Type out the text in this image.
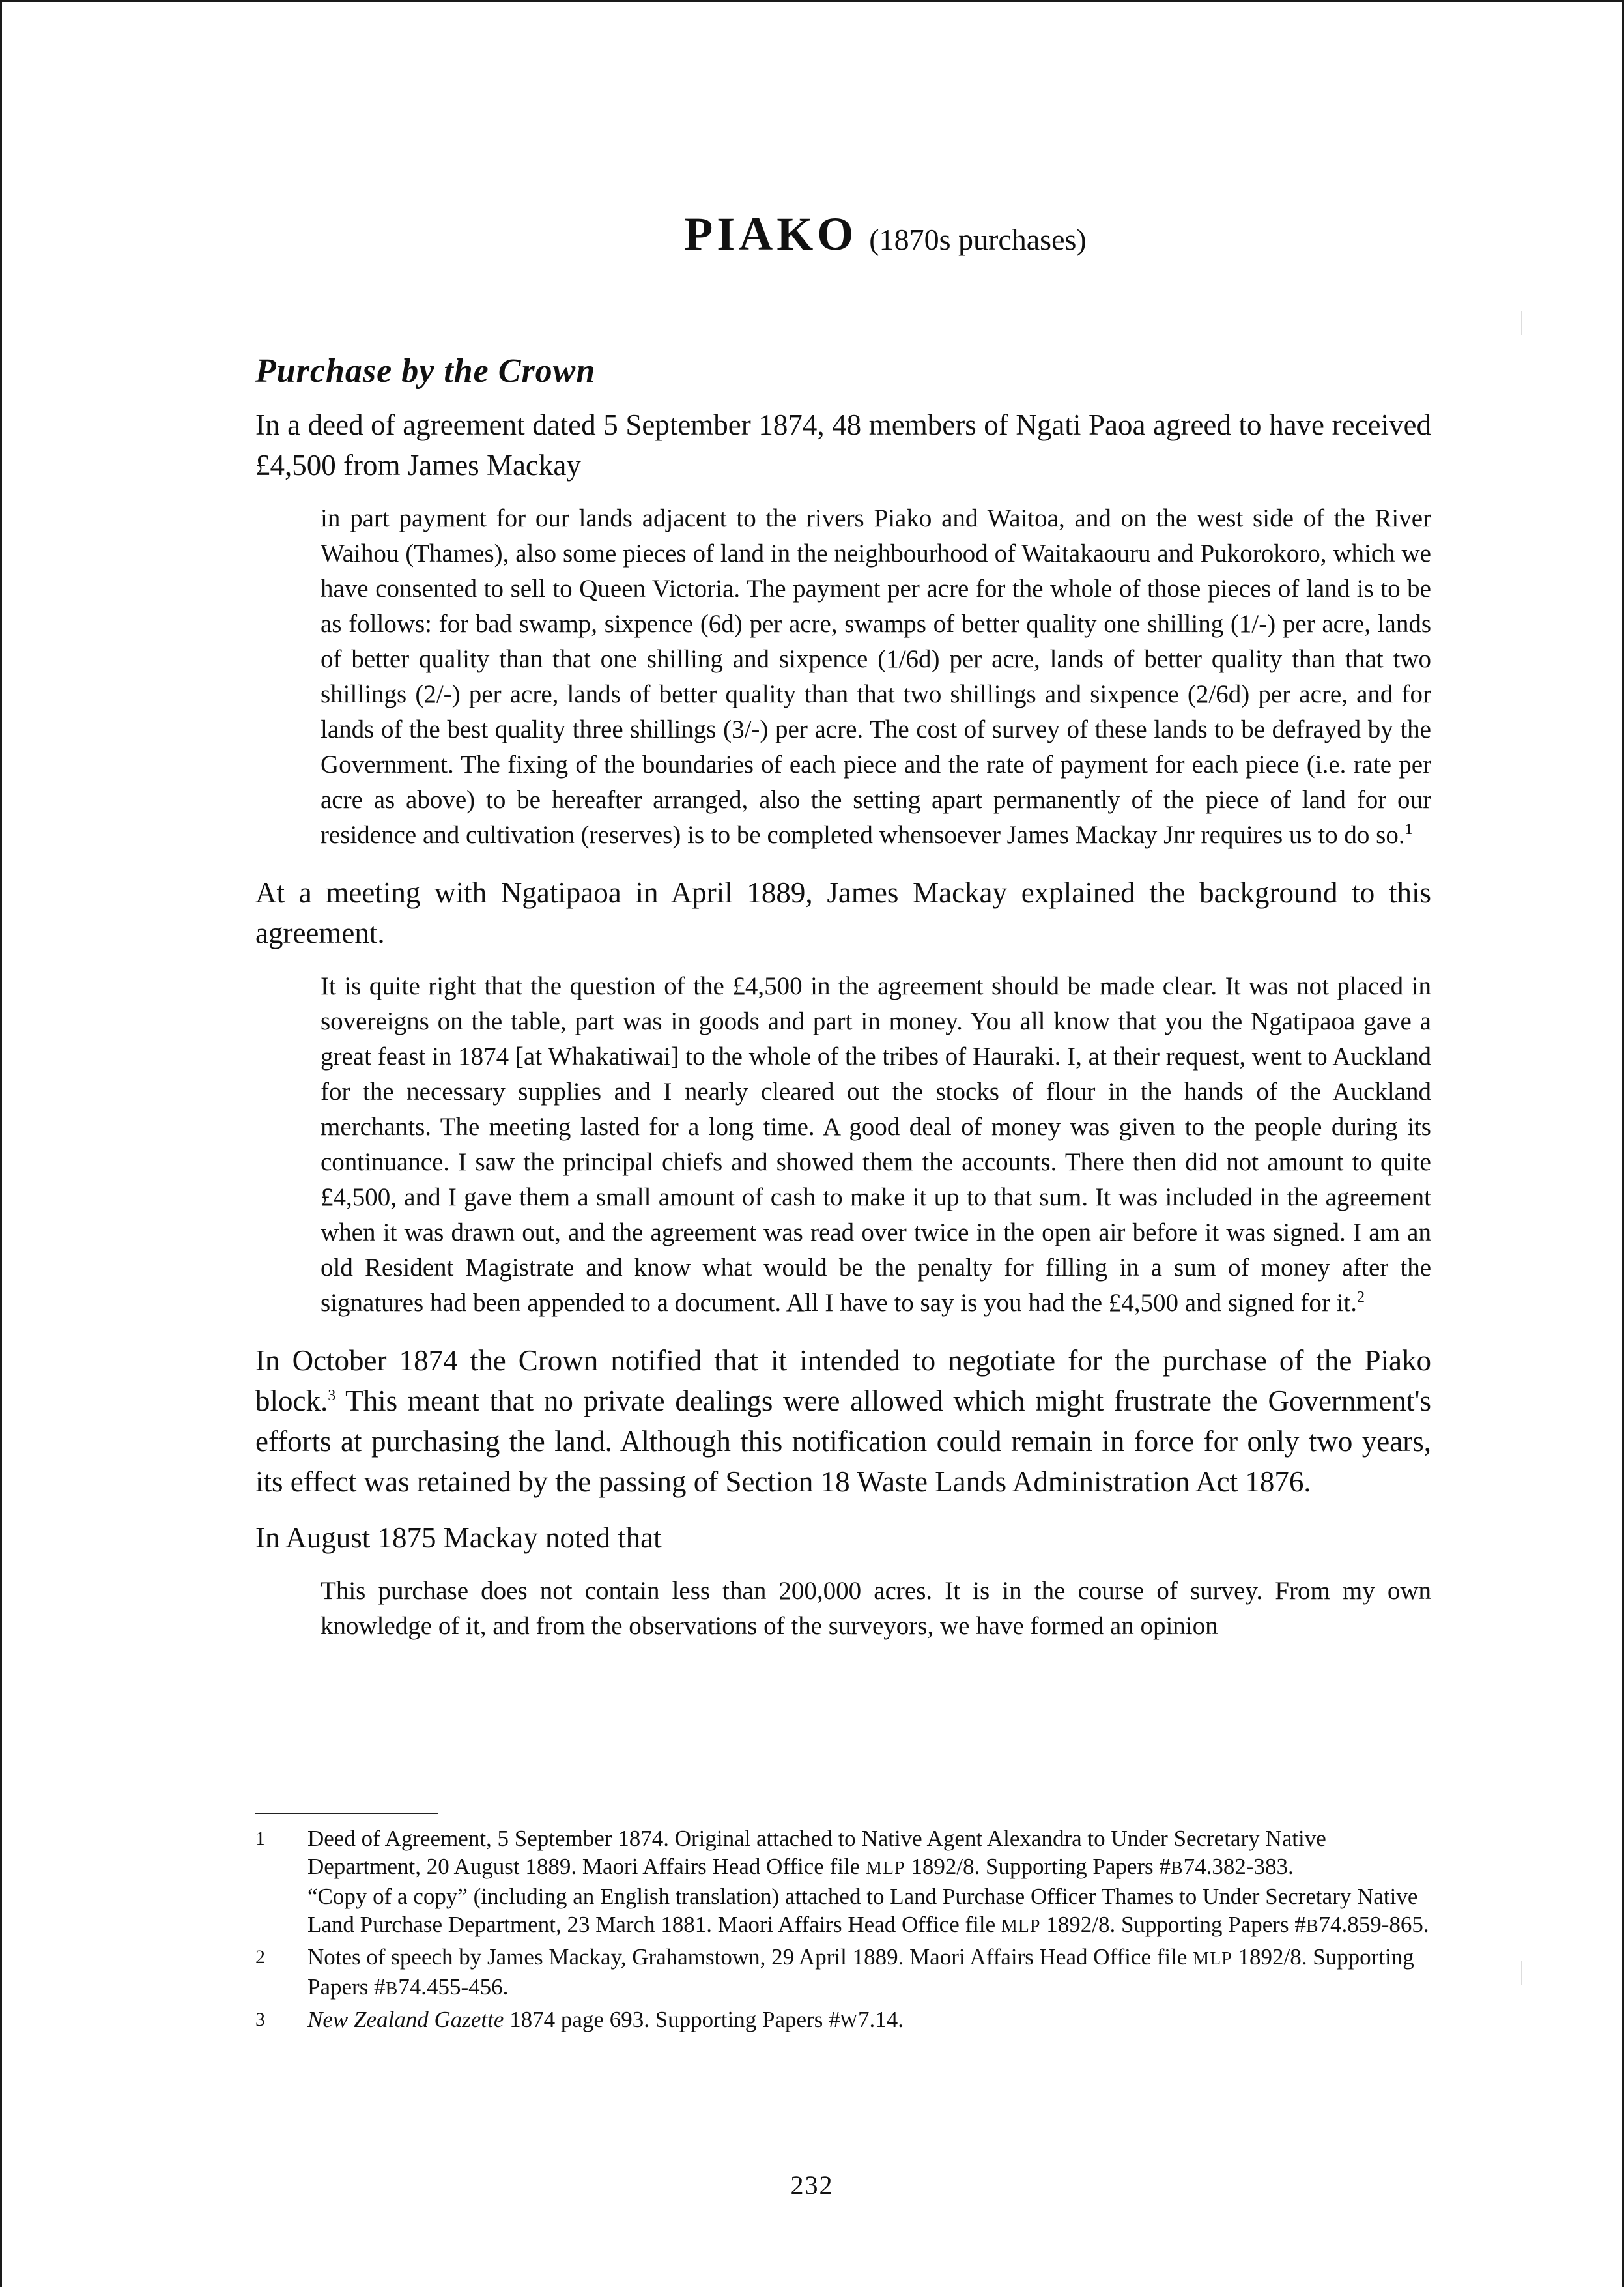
PIAKO (1870s purchases)
Purchase by the Crown

In a deed of agreement dated 5 September 1874, 48 members of Ngati Paoa agreed to have received £4,500 from James Mackay

in part payment for our lands adjacent to the rivers Piako and Waitoa, and on the west side of the River Waihou (Thames), also some pieces of land in the neighbourhood of Waitakaouru and Pukorokoro, which we have consented to sell to Queen Victoria. The payment per acre for the whole of those pieces of land is to be as follows: for bad swamp, sixpence (6d) per acre, swamps of better quality one shilling (1/-) per acre, lands of better quality than that one shilling and sixpence (1/6d) per acre, lands of better quality than that two shillings (2/-) per acre, lands of better quality than that two shillings and sixpence (2/6d) per acre, and for lands of the best quality three shillings (3/-) per acre. The cost of survey of these lands to be defrayed by the Government. The fixing of the boundaries of each piece and the rate of payment for each piece (i.e. rate per acre as above) to be hereafter arranged, also the setting apart permanently of the piece of land for our residence and cultivation (reserves) is to be completed whensoever James Mackay Jnr requires us to do so.$^1$

At a meeting with Ngatipaoa in April 1889, James Mackay explained the background to this agreement.

It is quite right that the question of the £4,500 in the agreement should be made clear. It was not placed in sovereigns on the table, part was in goods and part in money. You all know that you the Ngatipaoa gave a great feast in 1874 [at Whakatiwai] to the whole of the tribes of Hauraki. I, at their request, went to Auckland for the necessary supplies and I nearly cleared out the stocks of flour in the hands of the Auckland merchants. The meeting lasted for a long time. A good deal of money was given to the people during its continuance. I saw the principal chiefs and showed them the accounts. There then did not amount to quite £4,500, and I gave them a small amount of cash to make it up to that sum. It was included in the agreement when it was drawn out, and the agreement was read over twice in the open air before it was signed. I am an old Resident Magistrate and know what would be the penalty for filling in a sum of money after the signatures had been appended to a document. All I have to say is you had the £4,500 and signed for it.$^2$

In October 1874 the Crown notified that it intended to negotiate for the purchase of the Piako block.$^3$ This meant that no private dealings were allowed which might frustrate the Government's efforts at purchasing the land. Although this notification could remain in force for only two years, its effect was retained by the passing of Section 18 Waste Lands Administration Act 1876.

In August 1875 Mackay noted that

This purchase does not contain less than 200,000 acres. It is in the course of survey. From my own knowledge of it, and from the observations of the surveyors, we have formed an opinion

1	Deed of Agreement, 5 September 1874. Original attached to Native Agent Alexandra to Under Secretary Native Department, 20 August 1889. Maori Affairs Head Office file MLP 1892/8. Supporting Papers #B74.382-383.
“Copy of a copy” (including an English translation) attached to Land Purchase Officer Thames to Under Secretary Native Land Purchase Department, 23 March 1881. Maori Affairs Head Office file MLP 1892/8. Supporting Papers #B74.859-865.
2	Notes of speech by James Mackay, Grahamstown, 29 April 1889. Maori Affairs Head Office file MLP 1892/8. Supporting Papers #B74.455-456.
3	New Zealand Gazette 1874 page 693. Supporting Papers #W7.14.
232
